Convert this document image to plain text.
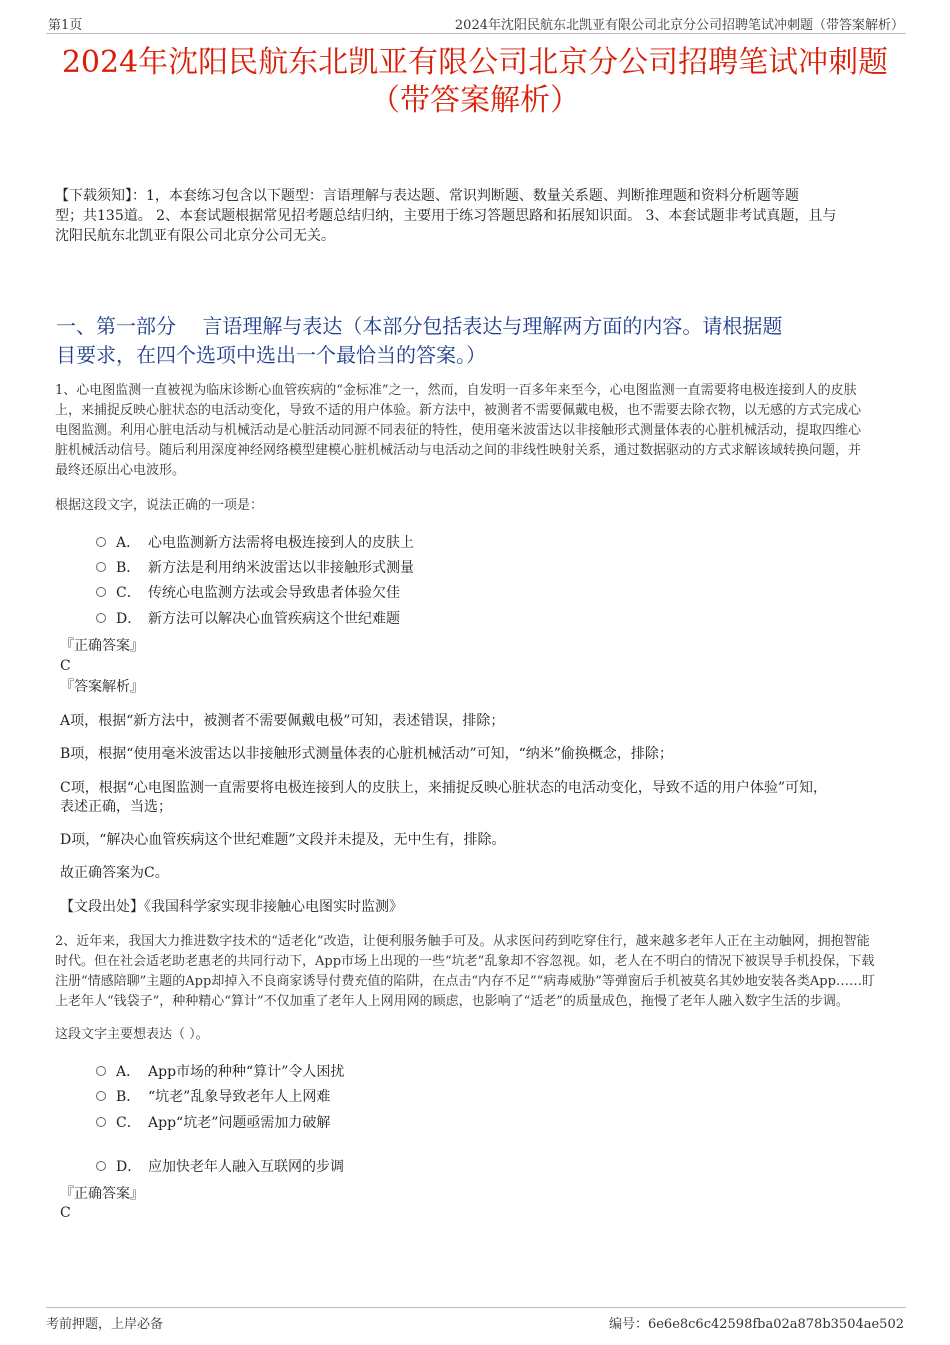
第1页	2024年沈阳民航东北凯亚有限公司北京分公司招聘笔试冲刺题（带答案解析）
2024年沈阳民航东北凯亚有限公司北京分公司招聘笔试冲刺题
（带答案解析）
【下载须知】：1，本套练习包含以下题型：言语理解与表达题、常识判断题、数量关系题、判断推理题和资料分析题等题
型；共135道。 2、本套试题根据常见招考题总结归纳，主要用于练习答题思路和拓展知识面。 3、本套试题非考试真题，且与
沈阳民航东北凯亚有限公司北京分公司无关。
一、第一部分　 言语理解与表达（本部分包括表达与理解两方面的内容。请根据题
目要求，在四个选项中选出一个最恰当的答案。）
1、心电图监测一直被视为临床诊断心血管疾病的“金标准”之一，然而，自发明一百多年来至今，心电图监测一直需要将电极连接到人的皮肤
上，来捕捉反映心脏状态的电活动变化，导致不适的用户体验。新方法中，被测者不需要佩戴电极，也不需要去除衣物，以无感的方式完成心
电图监测。利用心脏电活动与机械活动是心脏活动同源不同表征的特性，使用毫米波雷达以非接触形式测量体表的心脏机械活动，提取四维心
脏机械活动信号。随后利用深度神经网络模型建模心脏机械活动与电活动之间的非线性映射关系，通过数据驱动的方式求解该域转换问题，并
最终还原出心电波形。
根据这段文字，说法正确的一项是：
A． 心电监测新方法需将电极连接到人的皮肤上
B． 新方法是利用纳米波雷达以非接触形式测量
C． 传统心电监测方法或会导致患者体验欠佳
D． 新方法可以解决心血管疾病这个世纪难题
『正确答案』
C
『答案解析』
A项，根据“新方法中，被测者不需要佩戴电极”可知，表述错误，排除；
B项，根据“使用毫米波雷达以非接触形式测量体表的心脏机械活动”可知，“纳米”偷换概念，排除；
C项，根据“心电图监测一直需要将电极连接到人的皮肤上，来捕捉反映心脏状态的电活动变化，导致不适的用户体验”可知，
表述正确，当选；
D项，“解决心血管疾病这个世纪难题”文段并未提及，无中生有，排除。
故正确答案为C。
【文段出处】《我国科学家实现非接触心电图实时监测》
2、近年来，我国大力推进数字技术的“适老化”改造，让便利服务触手可及。从求医问药到吃穿住行，越来越多老年人正在主动触网，拥抱智能
时代。但在社会适老助老惠老的共同行动下，App市场上出现的一些“坑老”乱象却不容忽视。如，老人在不明白的情况下被误导手机投保，下载
注册“情感陪聊”主题的App却掉入不良商家诱导付费充值的陷阱，在点击“内存不足”“病毒威胁”等弹窗后手机被莫名其妙地安装各类App……盯
上老年人“钱袋子”，种种精心“算计”不仅加重了老年人上网用网的顾虑，也影响了“适老”的质量成色，拖慢了老年人融入数字生活的步调。
这段文字主要想表达（ ）。
A． App市场的种种“算计”令人困扰
B． “坑老”乱象导致老年人上网难
C． App“坑老”问题亟需加力破解
D． 应加快老年人融入互联网的步调
『正确答案』
C
考前押题，上岸必备	编号：6e6e8c6c42598fba02a878b3504ae502
